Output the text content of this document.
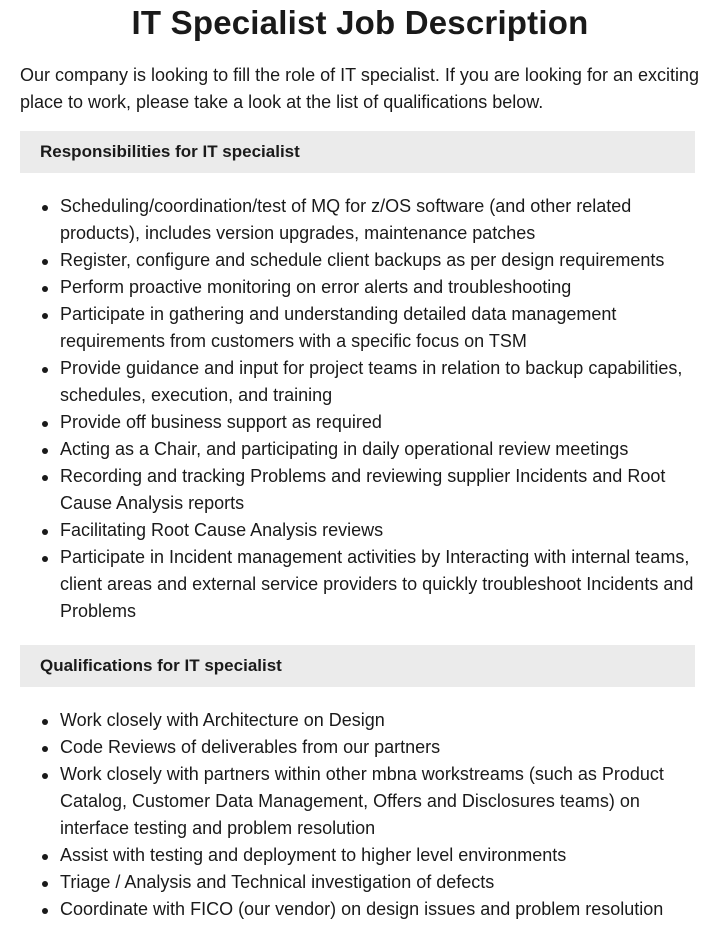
IT Specialist Job Description

Our company is looking to fill the role of IT specialist. If you are looking for an exciting place to work, please take a look at the list of qualifications below.

Responsibilities for IT specialist
Scheduling/coordination/test of MQ for z/OS software (and other related products), includes version upgrades, maintenance patches
Register, configure and schedule client backups as per design requirements
Perform proactive monitoring on error alerts and troubleshooting
Participate in gathering and understanding detailed data management requirements from customers with a specific focus on TSM
Provide guidance and input for project teams in relation to backup capabilities, schedules, execution, and training
Provide off business support as required
Acting as a Chair, and participating in daily operational review meetings
Recording and tracking Problems and reviewing supplier Incidents and Root Cause Analysis reports
Facilitating Root Cause Analysis reviews
Participate in Incident management activities by Interacting with internal teams, client areas and external service providers to quickly troubleshoot Incidents and Problems
Qualifications for IT specialist
Work closely with Architecture on Design
Code Reviews of deliverables from our partners
Work closely with partners within other mbna workstreams (such as Product Catalog, Customer Data Management, Offers and Disclosures teams) on interface testing and problem resolution
Assist with testing and deployment to higher level environments
Triage / Analysis and Technical investigation of defects
Coordinate with FICO (our vendor) on design issues and problem resolution
